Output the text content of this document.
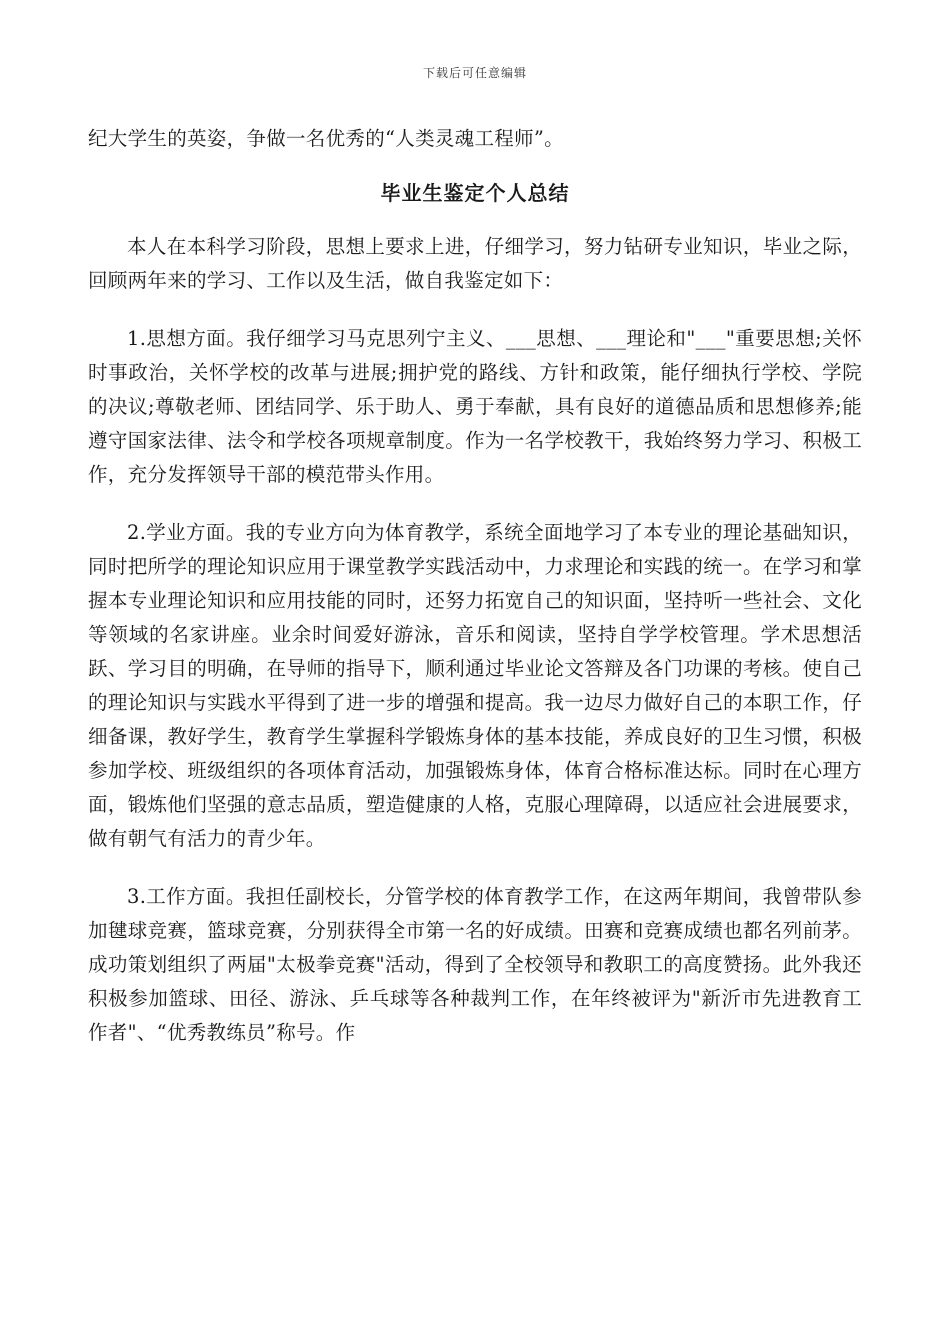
下载后可任意编辑

纪大学生的英姿，争做一名优秀的“人类灵魂工程师”。

毕业生鉴定个人总结

本人在本科学习阶段，思想上要求上进，仔细学习，努力钻研专业知识，毕业之际，回顾两年来的学习、工作以及生活，做自我鉴定如下：

1.思想方面。我仔细学习马克思列宁主义、___思想、___理论和"___"重要思想;关怀时事政治，关怀学校的改革与进展;拥护党的路线、方针和政策，能仔细执行学校、学院的决议;尊敬老师、团结同学、乐于助人、勇于奉献，具有良好的道德品质和思想修养;能遵守国家法律、法令和学校各项规章制度。作为一名学校教干，我始终努力学习、积极工作，充分发挥领导干部的模范带头作用。

2.学业方面。我的专业方向为体育教学，系统全面地学习了本专业的理论基础知识，同时把所学的理论知识应用于课堂教学实践活动中，力求理论和实践的统一。在学习和掌握本专业理论知识和应用技能的同时，还努力拓宽自己的知识面，坚持听一些社会、文化等领域的名家讲座。业余时间爱好游泳，音乐和阅读，坚持自学学校管理。学术思想活跃、学习目的明确，在导师的指导下，顺利通过毕业论文答辩及各门功课的考核。使自己的理论知识与实践水平得到了进一步的增强和提高。我一边尽力做好自己的本职工作，仔细备课，教好学生，教育学生掌握科学锻炼身体的基本技能，养成良好的卫生习惯，积极参加学校、班级组织的各项体育活动，加强锻炼身体，体育合格标准达标。同时在心理方面，锻炼他们坚强的意志品质，塑造健康的人格，克服心理障碍，以适应社会进展要求，做有朝气有活力的青少年。

3.工作方面。我担任副校长，分管学校的体育教学工作，在这两年期间，我曾带队参加毽球竞赛，篮球竞赛，分别获得全市第一名的好成绩。田赛和竞赛成绩也都名列前茅。成功策划组织了两届"太极拳竞赛"活动，得到了全校领导和教职工的高度赞扬。此外我还积极参加篮球、田径、游泳、乒乓球等各种裁判工作，在年终被评为"新沂市先进教育工作者"、“优秀教练员”称号。作
